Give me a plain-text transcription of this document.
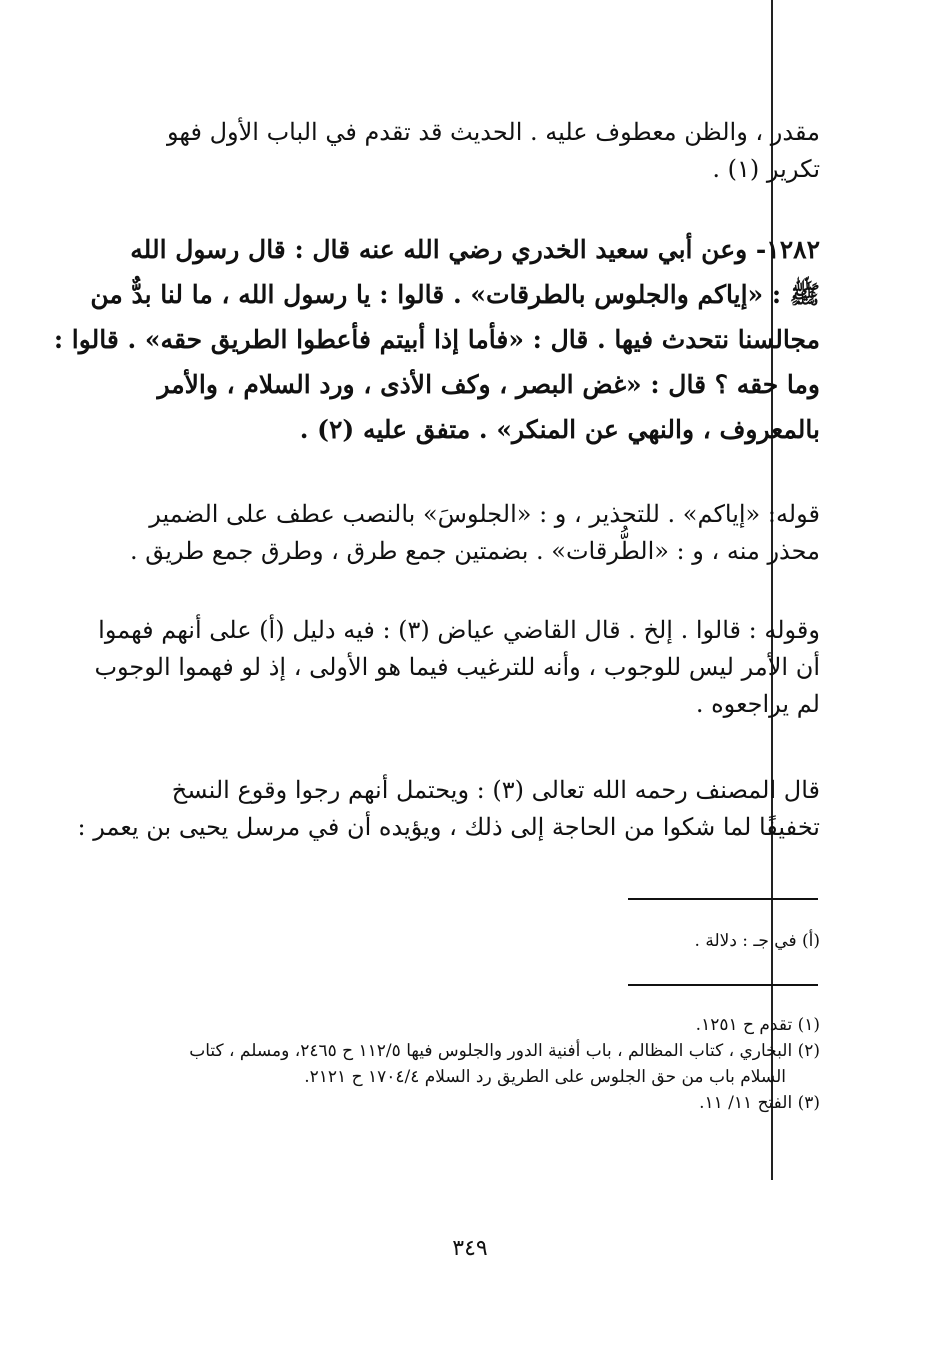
مقدر ، والظن معطوف عليه . الحديث قد تقدم في الباب الأول فهو
تكرير (١) .
١٢٨٢- وعن أبي سعيد الخدري رضي الله عنه قال : قال رسول الله
ﷺ : «إياكم والجلوس بالطرقات» . قالوا : يا رسول الله ، ما لنا بدٌّ من
مجالسنا نتحدث فيها . قال : «فأما إذا أبيتم فأعطوا الطريق حقه» . قالوا :
وما حقه ؟ قال : «غض البصر ، وكف الأذى ، ورد السلام ، والأمر
بالمعروف ، والنهي عن المنكر» . متفق عليه (٢) .
قوله: «إياكم» . للتحذير ، و : «الجلوسَ» بالنصب عطف على الضمير
محذر منه ، و : «الطُّرقات» . بضمتين جمع طرق ، وطرق جمع طريق .
وقوله : قالوا . إلخ . قال القاضي عياض (٣) : فيه دليل (أ) على أنهم فهموا
أن الأمر ليس للوجوب ، وأنه للترغيب فيما هو الأولى ، إذ لو فهموا الوجوب
لم يراجعوه .
قال المصنف رحمه الله تعالى (٣) : ويحتمل أنهم رجوا وقوع النسخ
تخفيفًا لما شكوا من الحاجة إلى ذلك ، ويؤيده أن في مرسل يحيى بن يعمر :
(أ) في جـ : دلالة .
(١) تقدم ح ١٢٥١.
(٢) البخاري ، كتاب المظالم ، باب أفنية الدور والجلوس فيها ١١٢/٥ ح ٢٤٦٥، ومسلم ، كتاب
السلام باب من حق الجلوس على الطريق رد السلام ١٧٠٤/٤ ح ٢١٢١.
(٣) الفتح ١١/ ١١.
٣٤٩
